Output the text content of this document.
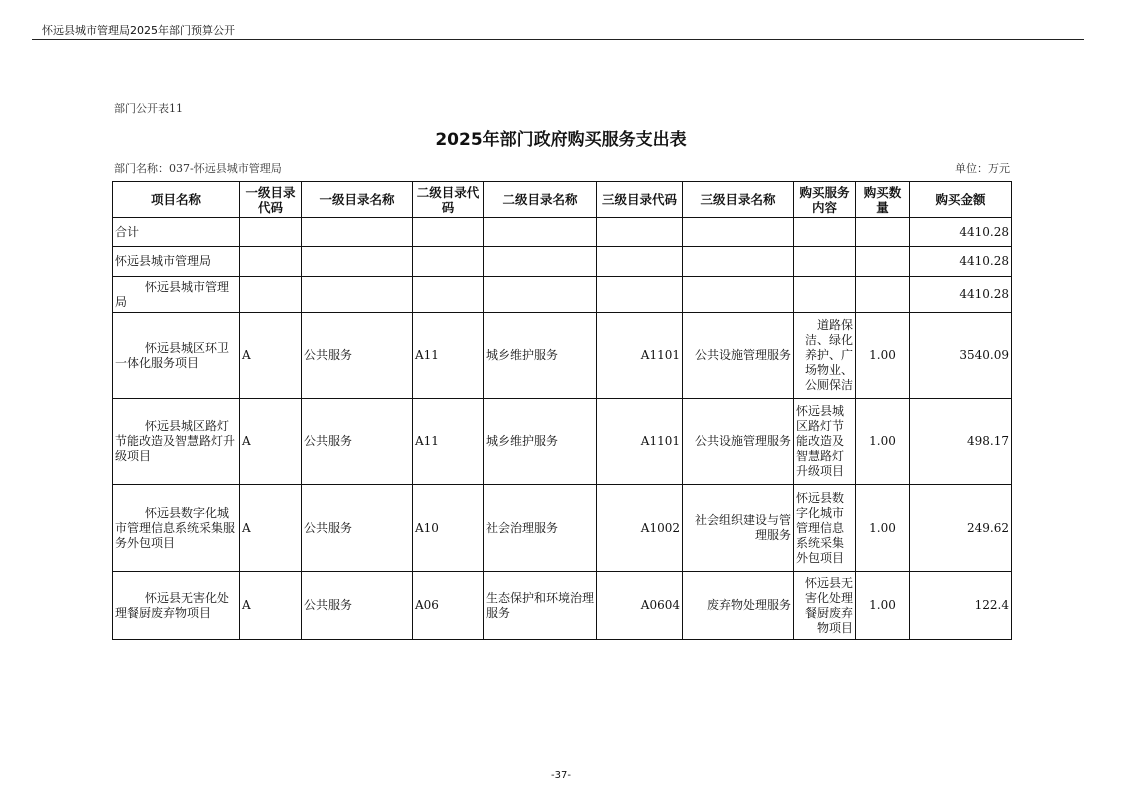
怀远县城市管理局2025年部门预算公开
部门公开表11
2025年部门政府购买服务支出表
部门名称：037-怀远县城市管理局	单位：万元
项目名称	一级目录代码	一级目录名称	二级目录代码	二级目录名称	三级目录代码	三级目录名称	购买服务内容	购买数量	购买金额
合计									4410.28
怀远县城市管理局									4410.28
怀远县城市管理局									4410.28
怀远县城区环卫一体化服务项目	A	公共服务	A11	城乡维护服务	A1101	公共设施管理服务	道路保洁、绿化养护、广场物业、公厕保洁	1.00	3540.09
怀远县城区路灯节能改造及智慧路灯升级项目	A	公共服务	A11	城乡维护服务	A1101	公共设施管理服务	怀远县城区路灯节能改造及智慧路灯升级项目	1.00	498.17
怀远县数字化城市管理信息系统采集服务外包项目	A	公共服务	A10	社会治理服务	A1002	社会组织建设与管理服务	怀远县数字化城市管理信息系统采集外包项目	1.00	249.62
怀远县无害化处理餐厨废弃物项目	A	公共服务	A06	生态保护和环境治理服务	A0604	废弃物处理服务	怀远县无害化处理餐厨废弃物项目	1.00	122.4
-37-
